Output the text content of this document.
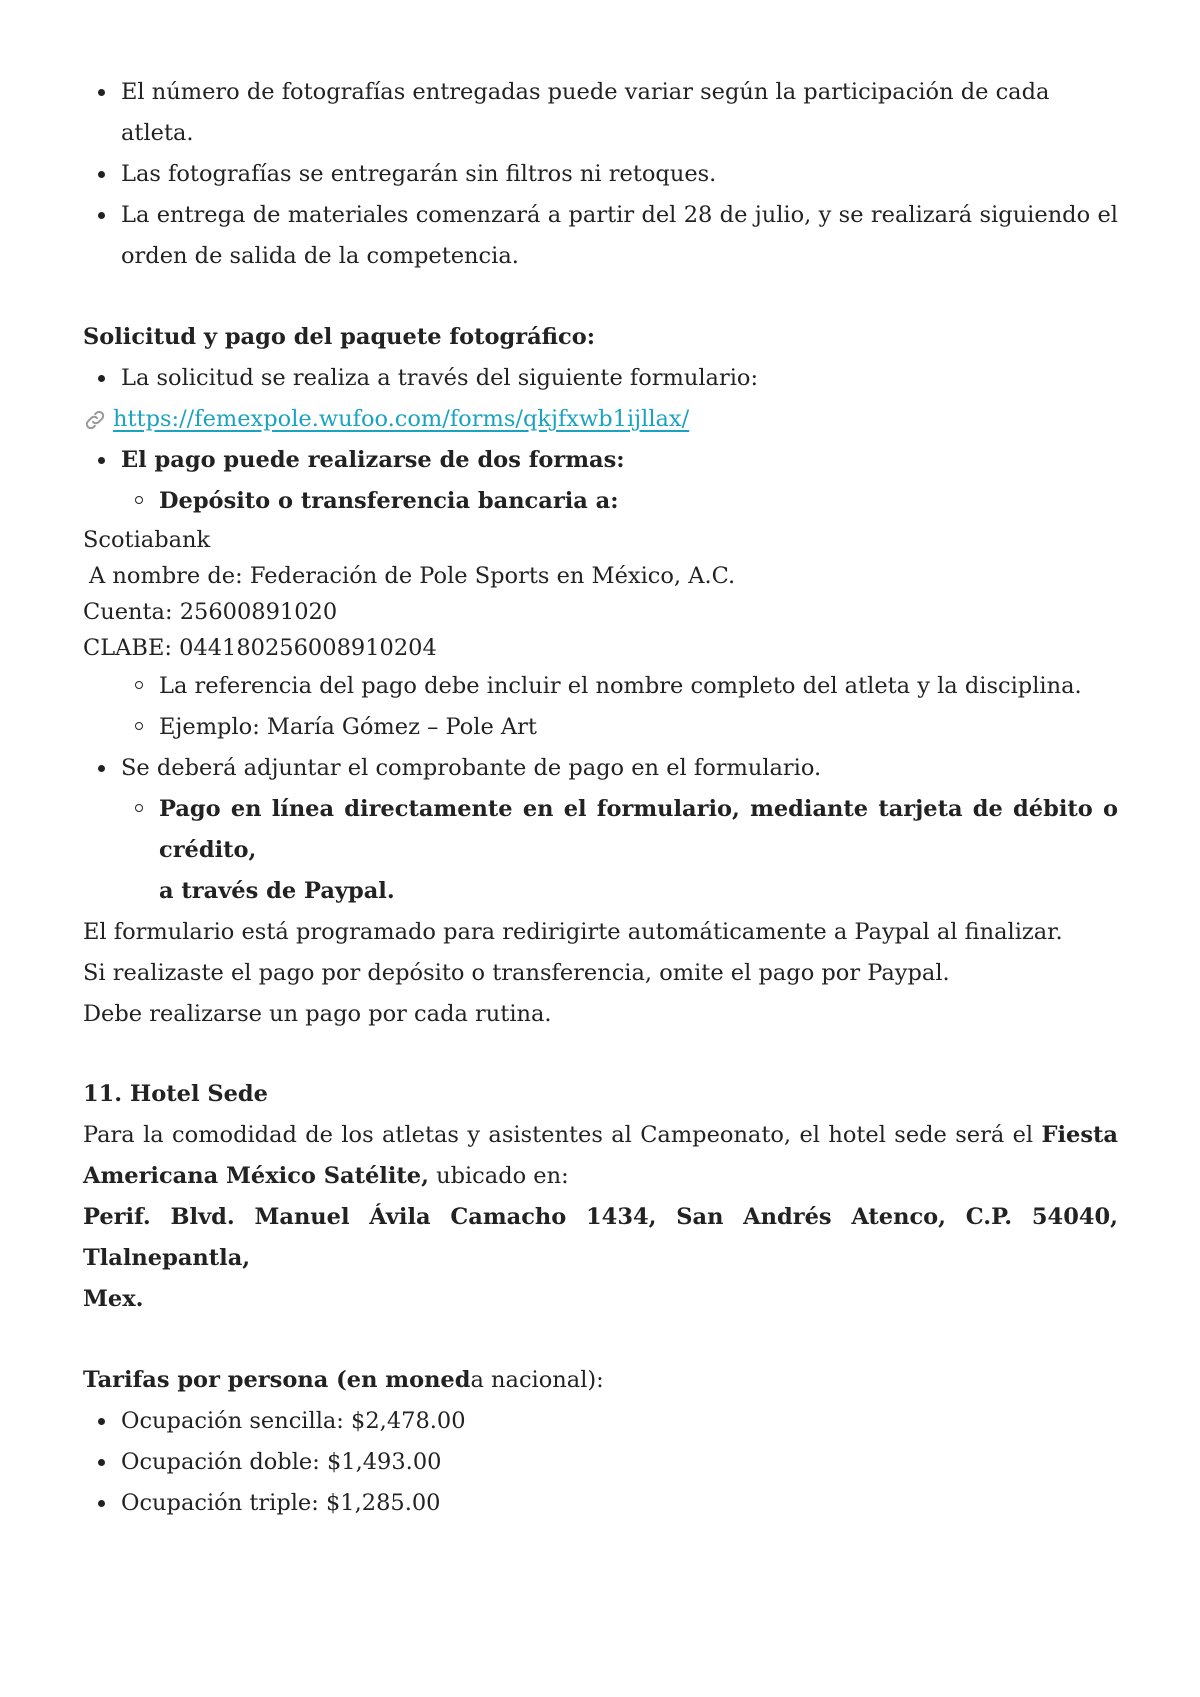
El número de fotografías entregadas puede variar según la participación de cada atleta.

Las fotografías se entregarán sin filtros ni retoques.

La entrega de materiales comenzará a partir del 28 de julio, y se realizará siguiendo el

orden de salida de la competencia.

Solicitud y pago del paquete fotográfico:

La solicitud se realiza a través del siguiente formulario:

https://femexpole.wufoo.com/forms/qkjfxwb1ijllax/

El pago puede realizarse de dos formas:

Depósito o transferencia bancaria a:

Scotiabank

A nombre de: Federación de Pole Sports en México, A.C.

Cuenta: 25600891020

CLABE: 044180256008910204

La referencia del pago debe incluir el nombre completo del atleta y la disciplina.

Ejemplo: María Gómez – Pole Art

Se deberá adjuntar el comprobante de pago en el formulario.

Pago en línea directamente en el formulario, mediante tarjeta de débito o crédito,

a través de Paypal.

El formulario está programado para redirigirte automáticamente a Paypal al finalizar.

Si realizaste el pago por depósito o transferencia, omite el pago por Paypal.

Debe realizarse un pago por cada rutina.

11. Hotel Sede

Para la comodidad de los atletas y asistentes al Campeonato, el hotel sede será el Fiesta

Americana México Satélite, ubicado en:

Perif. Blvd. Manuel Ávila Camacho 1434, San Andrés Atenco, C.P. 54040, Tlalnepantla,

Mex.

Tarifas por persona (en moneda nacional):

Ocupación sencilla: $2,478.00

Ocupación doble: $1,493.00

Ocupación triple: $1,285.00
